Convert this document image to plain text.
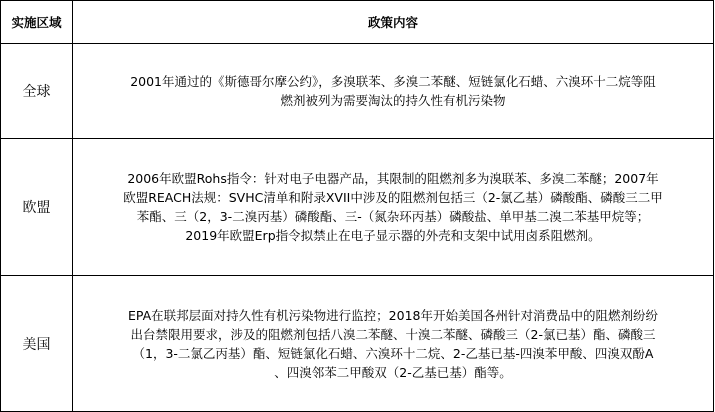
实施区域	政策内容
全球	2001年通过的《斯德哥尔摩公约》，多溴联苯、多溴二苯醚、短链氯化石蜡、六溴环十二烷等阻

燃剂被列为需要淘汰的持久性有机污染物

欧盟	2006年欧盟Rohs指令：针对电子电器产品，其限制的阻燃剂多为溴联苯、多溴二苯醚；2007年

欧盟REACH法规：SVHC清单和附录XVII中涉及的阻燃剂包括三（2-氯乙基）磷酸酯、磷酸三二甲

苯酯、三（2，3-二溴丙基）磷酸酯、三-（氮杂环丙基）磷酸盐、单甲基二溴二苯基甲烷等；

2019年欧盟Erp指令拟禁止在电子显示器的外壳和支架中试用卤系阻燃剂。

美国	EPA在联邦层面对持久性有机污染物进行监控；2018年开始美国各州针对消费品中的阻燃剂纷纷

出台禁限用要求，涉及的阻燃剂包括八溴二苯醚、十溴二苯醚、磷酸三（2-氯已基）酯、磷酸三

（1，3-二氯乙丙基）酯、短链氯化石蜡、六溴环十二烷、2-乙基已基-四溴苯甲酸、四溴双酚A

、四溴邻苯二甲酸双（2-乙基已基）酯等。
